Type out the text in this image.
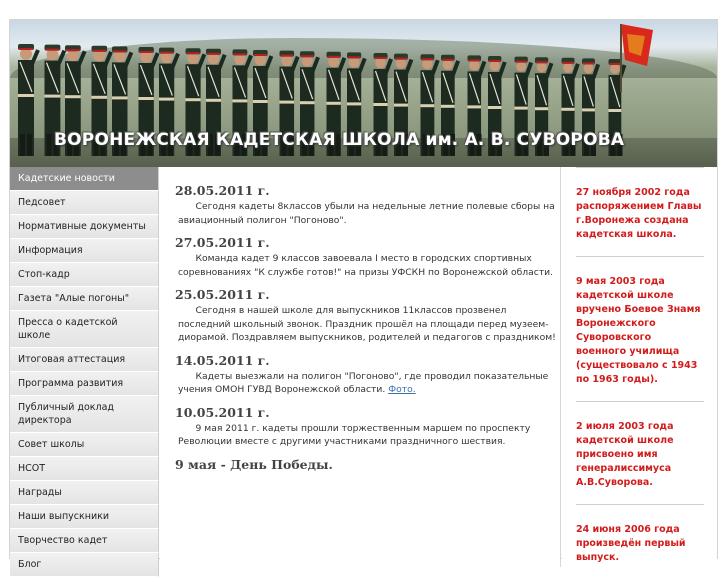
ВОРОНЕЖСКАЯ КАДЕТСКАЯ ШКОЛА им. А. В. СУВОРОВА
Кадетские новости
Педсовет
Нормативные документы
Информация
Стоп-кадр
Газета "Алые погоны"
Пресса о кадетской школе
Итоговая аттестация
Программа развития
Публичный доклад директора
Совет школы
НСОТ
Награды
Наши выпускники
Творчество кадет
Блог
28.05.2011 г.
Сегодня кадеты 8классов убыли на недельные летние полевые сборы на авиационный полигон "Погоново".
27.05.2011 г.
Команда кадет 9 классов завоевала I место в городских спортивных соревнованиях "К службе готов!" на призы УФСКН по Воронежской области.
25.05.2011 г.
Сегодня в нашей школе для выпускников 11классов прозвенел последний школьный звонок. Праздник прошёл на площади перед музеем-диорамой. Поздравляем выпускников, родителей и педагогов с праздником!
14.05.2011 г.
Кадеты выезжали на полигон "Погоново", где проводил показательные учения ОМОН ГУВД Воронежской области. Фото.
10.05.2011 г.
9 мая 2011 г. кадеты прошли торжественным маршем по проспекту Революции вместе с другими участниками праздничного шествия.
9 мая - День Победы.
27 ноября 2002 года распоряжением Главы г.Воронежа создана кадетская школа.
9 мая 2003 года кадетской школе вручено Боевое Знамя Воронежского Суворовского военного училища (существовало с 1943 по 1963 годы).
2 июля 2003 года кадетской школе присвоено имя генералиссимуса А.В.Суворова.
24 июня 2006 года произведён первый выпуск.
